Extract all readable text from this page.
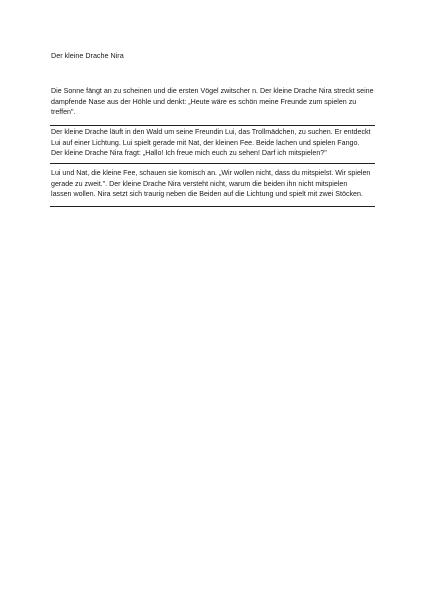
Der kleine Drache Nira
Die Sonne fängt an zu scheinen und die ersten Vögel zwitscher n. Der kleine Drache Nira streckt seine
dampfende Nase aus der Höhle und denkt: „Heute wäre es schön meine Freunde zum spielen zu
treffen".
Der kleine Drache läuft in den Wald um seine Freundin Lui, das Trollmädchen, zu suchen. Er entdeckt
Lui auf einer Lichtung. Lui spielt gerade mit Nat, der kleinen Fee. Beide lachen und spielen Fango.
Der kleine Drache Nira fragt: „Hallo! Ich freue mich euch zu sehen! Darf ich mitspielen?"
Lui und Nat, die kleine Fee, schauen sie komisch an. „Wir wollen nicht, dass du mitspielst. Wir spielen
gerade zu zweit.". Der kleine Drache Nira versteht nicht, warum die beiden ihn nicht mitspielen
lassen wollen. Nira setzt sich traurig neben die Beiden auf die Lichtung und spielt mit zwei Stöcken.
